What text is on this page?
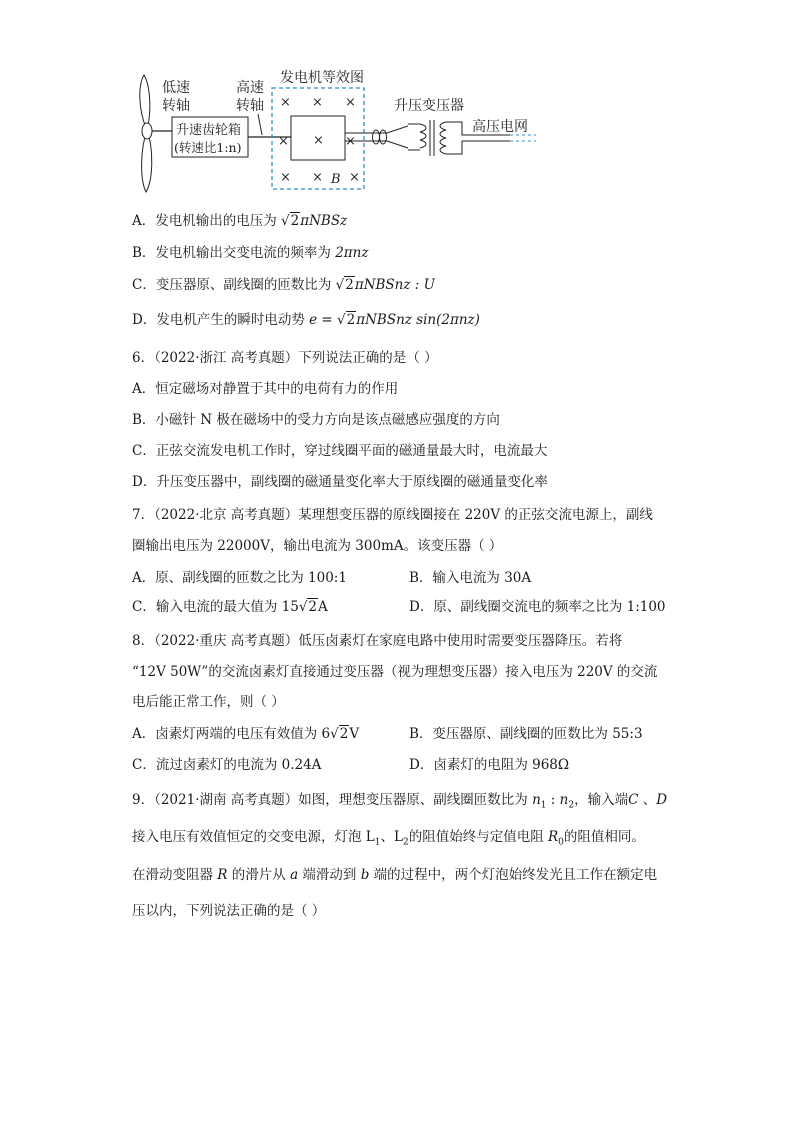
低速
转轴
升速齿轮箱
(转速比1:n)
高速
转轴
发电机等效图
× × ×
×	×
× × ×
B
×
升压变压器
高压电网
A．发电机输出的电压为 √2πNBSz
B．发电机输出交变电流的频率为 2πnz
C．变压器原、副线圈的匝数比为 √2πNBSnz : U
D．发电机产生的瞬时电动势 e = √2πNBSnz sin(2πnz)
6．（2022·浙江 高考真题）下列说法正确的是（ ）
A．恒定磁场对静置于其中的电荷有力的作用
B．小磁针 N 极在磁场中的受力方向是该点磁感应强度的方向
C．正弦交流发电机工作时，穿过线圈平面的磁通量最大时，电流最大
D．升压变压器中，副线圈的磁通量变化率大于原线圈的磁通量变化率
7．（2022·北京 高考真题）某理想变压器的原线圈接在 220V 的正弦交流电源上，副线
圈输出电压为 22000V，输出电流为 300mA。该变压器（ ）
A．原、副线圈的匝数之比为 100:1	B．输入电流为 30A
C．输入电流的最大值为 15√2A	D．原、副线圈交流电的频率之比为 1:100
8．（2022·重庆 高考真题）低压卤素灯在家庭电路中使用时需要变压器降压。若将
“12V 50W”的交流卤素灯直接通过变压器（视为理想变压器）接入电压为 220V 的交流
电后能正常工作，则（ ）
A．卤素灯两端的电压有效值为 6√2V	B．变压器原、副线圈的匝数比为 55:3
C．流过卤素灯的电流为 0.24A	D．卤素灯的电阻为 968Ω
9．（2021·湖南 高考真题）如图，理想变压器原、副线圈匝数比为 $n_1$ : $n_2$，输入端C 、D
接入电压有效值恒定的交变电源，灯泡 $L_1$、$L_2$的阻值始终与定值电阻 $R_0$的阻值相同。
在滑动变阻器 R 的滑片从 a 端滑动到 b 端的过程中，两个灯泡始终发光且工作在额定电
压以内，下列说法正确的是（ ）
